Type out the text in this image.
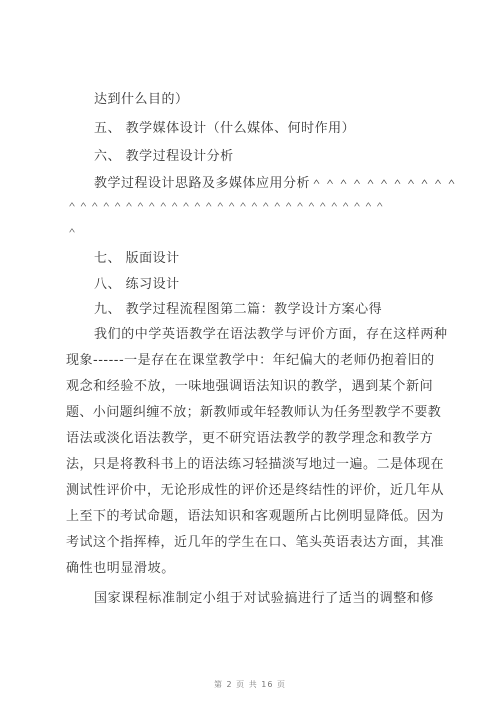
达到什么目的）
五、 教学媒体设计（什么媒体、何时作用）
六、 教学过程设计分析
教学过程设计思路及多媒体应用分析＾＾＾＾＾＾＾＾＾＾＾
＾＾＾＾＾＾＾＾＾＾＾＾＾＾＾＾＾＾＾＾＾＾＾＾＾＾＾＾
＾
七、 版面设计
八、 练习设计
九、 教学过程流程图第二篇：教学设计方案心得
我们的中学英语教学在语法教学与评价方面，存在这样两种
现象------一是存在在课堂教学中：年纪偏大的老师仍抱着旧的
观念和经验不放，一味地强调语法知识的教学，遇到某个新问
题、小问题纠缠不放；新教师或年轻教师认为任务型教学不要教
语法或淡化语法教学，更不研究语法教学的教学理念和教学方
法，只是将教科书上的语法练习轻描淡写地过一遍。二是体现在
测试性评价中，无论形成性的评价还是终结性的评价，近几年从
上至下的考试命题，语法知识和客观题所占比例明显降低。因为
考试这个指挥棒，近几年的学生在口、笔头英语表达方面，其准
确性也明显滑坡。
国家课程标准制定小组于对试验搞进行了适当的调整和修
第 2 页 共 16 页
